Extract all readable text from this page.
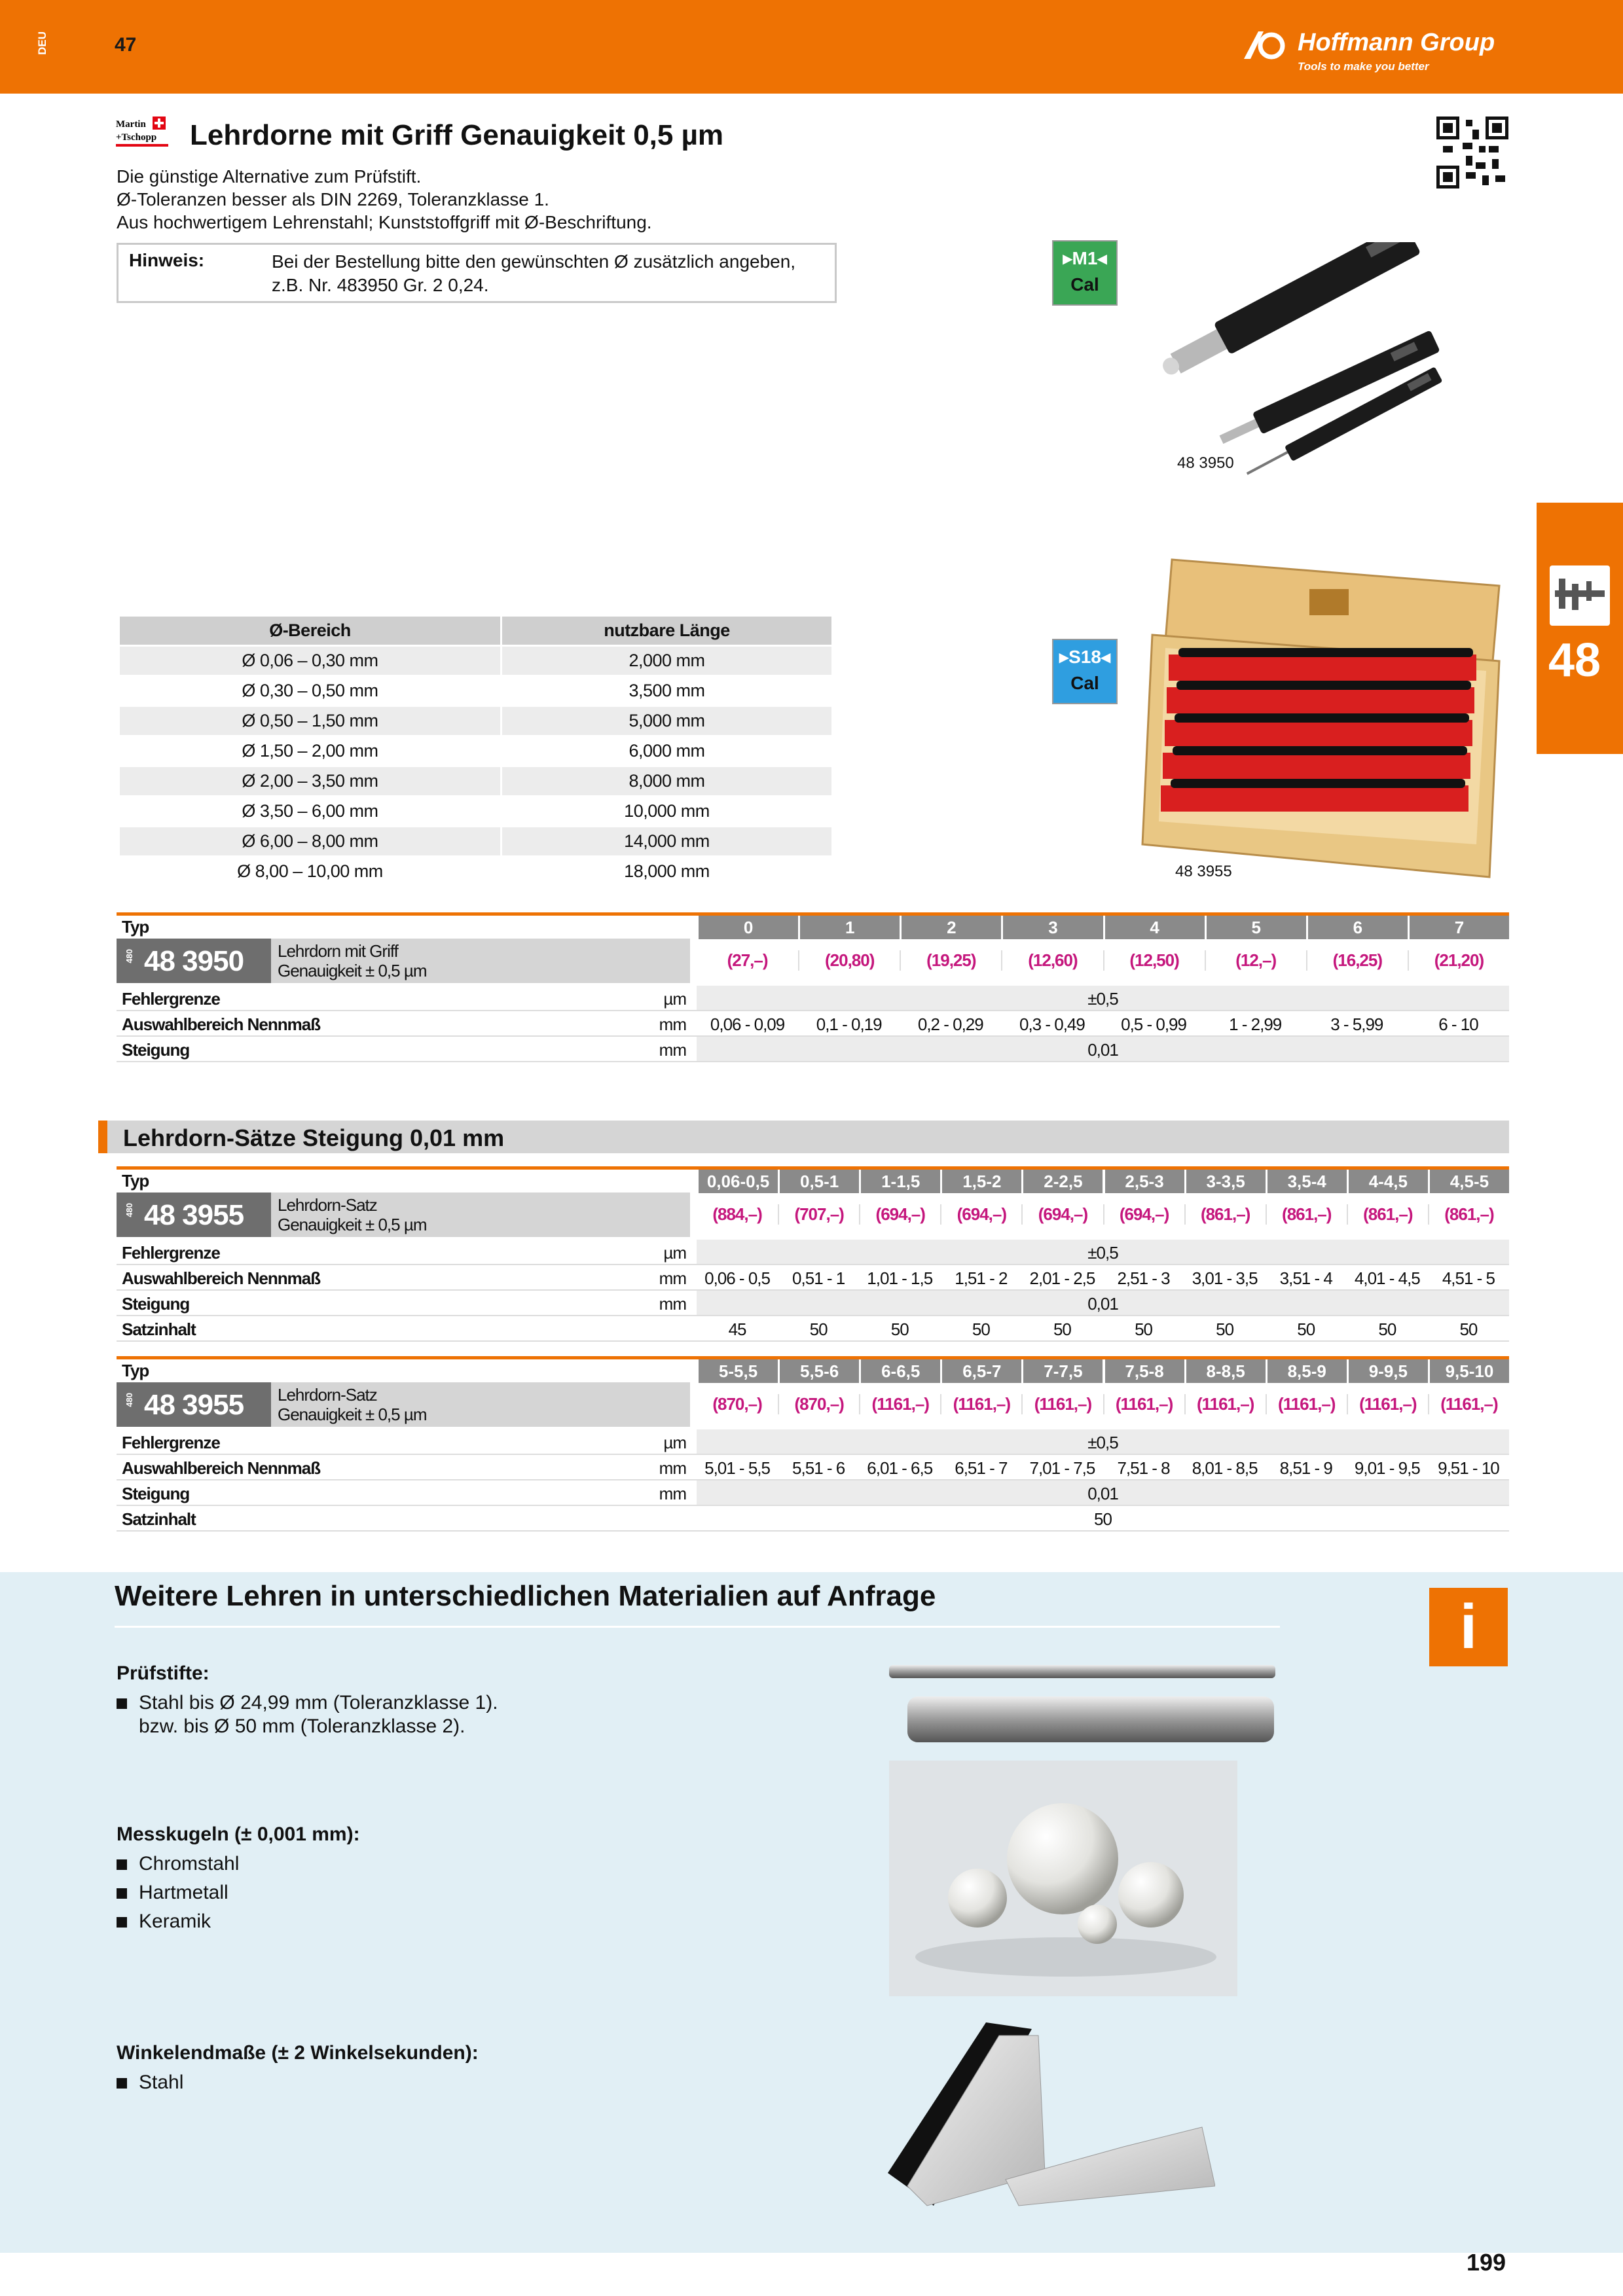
DEU	47	Hoffmann Group
Tools to make you better
Martin
+Tschopp Lehrdorne mit Griff Genauigkeit 0,5 µm
Die günstige Alternative zum Prüfstift.
Ø-Toleranzen besser als DIN 2269, Toleranzklasse 1.
Aus hochwertigem Lehrenstahl; Kunststoffgriff mit Ø-Beschriftung.
Hinweis:	Bei der Bestellung bitte den gewünschten Ø zusätzlich angeben,
z.B. Nr. 483950 Gr. 2 0,24.
▸M1◂
Cal
▸S18◂
Cal
48 3950
48 3955
48
Ø-Bereich	nutzbare Länge
Ø 0,06 – 0,30 mm	2,000 mm
Ø 0,30 – 0,50 mm	3,500 mm
Ø 0,50 – 1,50 mm	5,000 mm
Ø 1,50 – 2,00 mm	6,000 mm
Ø 2,00 – 3,50 mm	8,000 mm
Ø 3,50 – 6,00 mm	10,000 mm
Ø 6,00 – 8,00 mm	14,000 mm
Ø 8,00 – 10,00 mm	18,000 mm
Typ	0	1	2	3	4	5	6	7
480 48 3950 Lehrdorn mit Griff
Genauigkeit ± 0,5 µm
(27,–)	(20,80)	(19,25)	(12,60)	(12,50)	(12,–)	(16,25)	(21,20)
Fehlergrenze	µm	±0,5
Auswahlbereich Nennmaß	mm	0,06 - 0,09	0,1 - 0,19	0,2 - 0,29	0,3 - 0,49	0,5 - 0,99	1 - 2,99	3 - 5,99	6 - 10
Steigung	mm	0,01
Lehrdorn-Sätze Steigung 0,01 mm
Typ	0,06-0,5	0,5-1	1-1,5	1,5-2	2-2,5	2,5-3	3-3,5	3,5-4	4-4,5	4,5-5
480 48 3955 Lehrdorn-Satz
Genauigkeit ± 0,5 µm
(884,–)	(707,–)	(694,–)	(694,–)	(694,–)	(694,–)	(861,–)	(861,–)	(861,–)	(861,–)
Fehlergrenze	µm	±0,5
Auswahlbereich Nennmaß	mm	0,06 - 0,5	0,51 - 1	1,01 - 1,5	1,51 - 2	2,01 - 2,5	2,51 - 3	3,01 - 3,5	3,51 - 4	4,01 - 4,5	4,51 - 5
Steigung	mm	0,01
Satzinhalt	45	50	50	50	50	50	50	50	50	50
Typ	5-5,5	5,5-6	6-6,5	6,5-7	7-7,5	7,5-8	8-8,5	8,5-9	9-9,5	9,5-10
480 48 3955 Lehrdorn-Satz
Genauigkeit ± 0,5 µm
(870,–)	(870,–)	(1161,–)	(1161,–)	(1161,–)	(1161,–)	(1161,–)	(1161,–)	(1161,–)	(1161,–)
Fehlergrenze	µm	±0,5
Auswahlbereich Nennmaß	mm	5,01 - 5,5	5,51 - 6	6,01 - 6,5	6,51 - 7	7,01 - 7,5	7,51 - 8	8,01 - 8,5	8,51 - 9	9,01 - 9,5	9,51 - 10
Steigung	mm	0,01
Satzinhalt	50
Weitere Lehren in unterschiedlichen Materialien auf Anfrage	i
Prüfstifte:
Stahl bis Ø 24,99 mm (Toleranzklasse 1).
bzw. bis Ø 50 mm (Toleranzklasse 2).
Messkugeln (± 0,001 mm):
Chromstahl
Hartmetall
Keramik
Winkelendmaße (± 2 Winkelsekunden):
Stahl
199
